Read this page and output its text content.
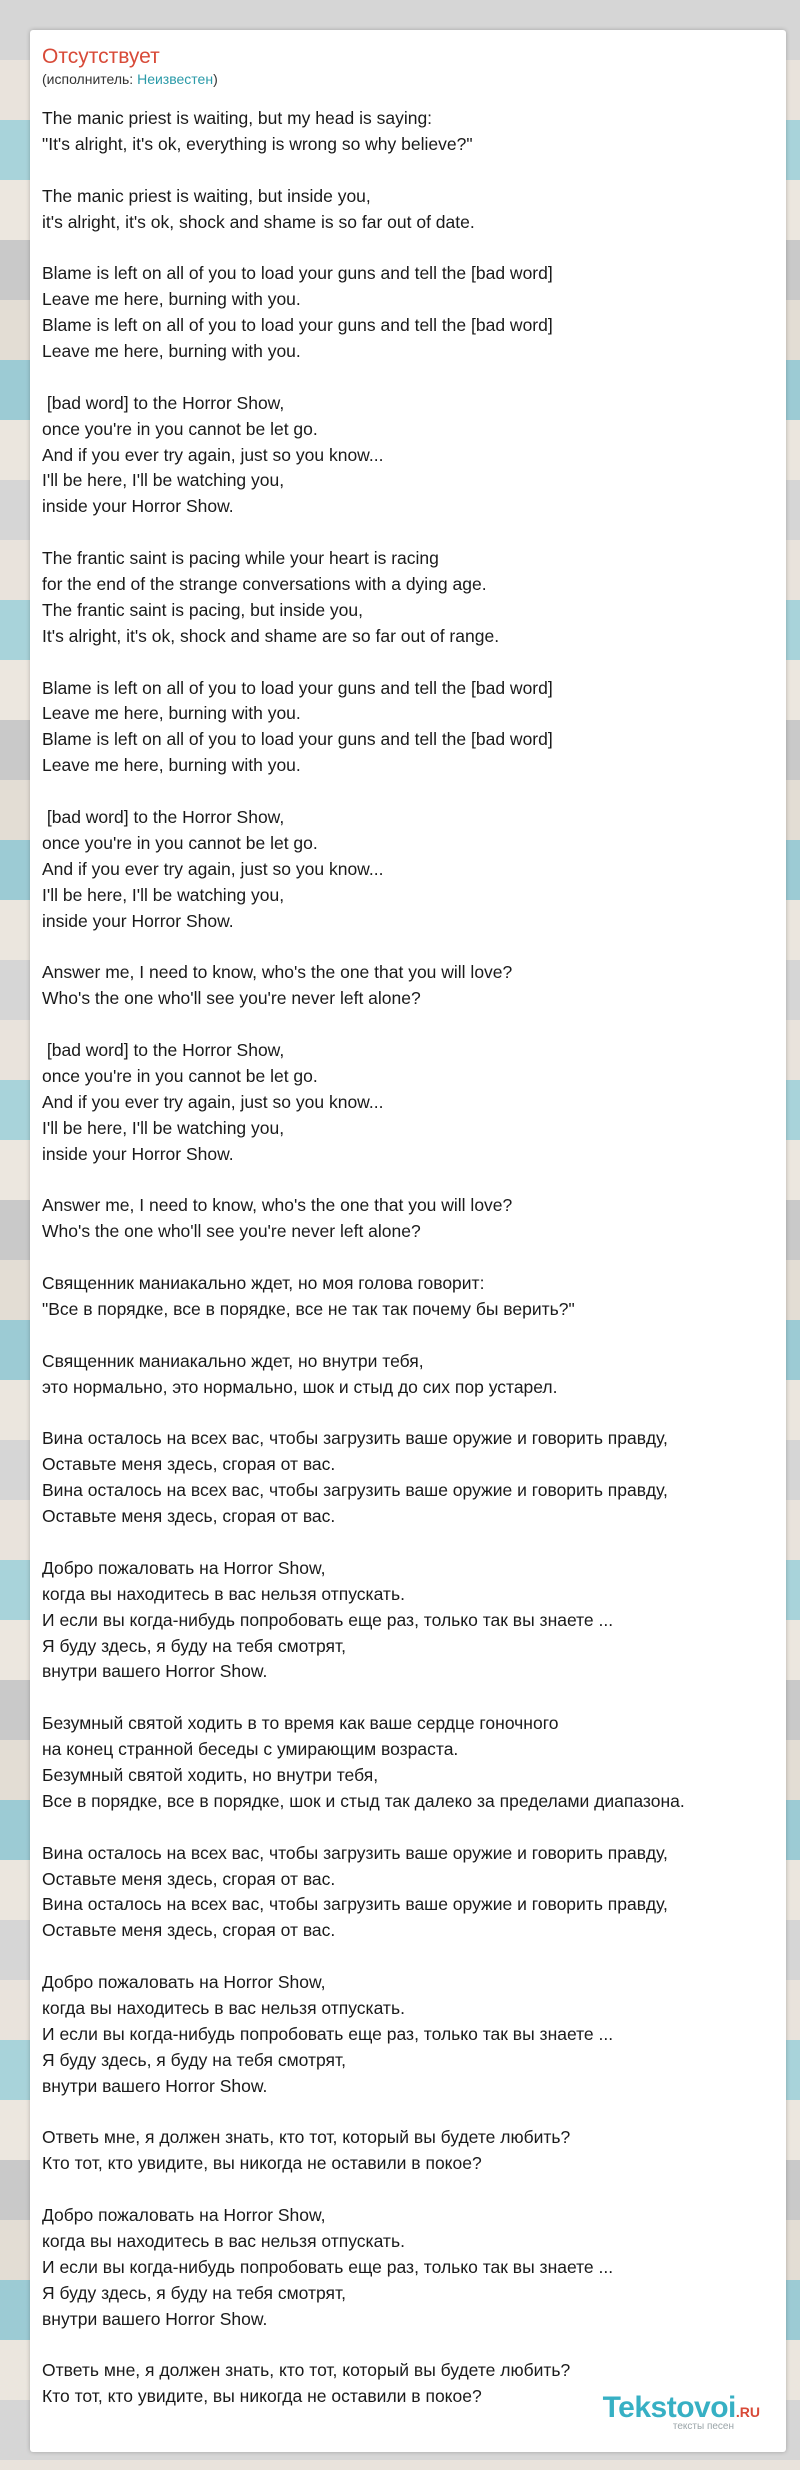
Отсутствует
(исполнитель: Неизвестен)
The manic priest is waiting, but my head is saying:
"It's alright, it's ok, everything is wrong so why believe?"
The manic priest is waiting, but inside you,
it's alright, it's ok, shock and shame is so far out of date.
Blame is left on all of you to load your guns and tell the [bad word]
Leave me here, burning with you.
Blame is left on all of you to load your guns and tell the [bad word]
Leave me here, burning with you.
[bad word] to the Horror Show,
once you're in you cannot be let go.
And if you ever try again, just so you know...
I'll be here, I'll be watching you,
inside your Horror Show.
The frantic saint is pacing while your heart is racing
for the end of the strange conversations with a dying age.
The frantic saint is pacing, but inside you,
It's alright, it's ok, shock and shame are so far out of range.
Blame is left on all of you to load your guns and tell the [bad word]
Leave me here, burning with you.
Blame is left on all of you to load your guns and tell the [bad word]
Leave me here, burning with you.
[bad word] to the Horror Show,
once you're in you cannot be let go.
And if you ever try again, just so you know...
I'll be here, I'll be watching you,
inside your Horror Show.
Answer me, I need to know, who's the one that you will love?
Who's the one who'll see you're never left alone?
[bad word] to the Horror Show,
once you're in you cannot be let go.
And if you ever try again, just so you know...
I'll be here, I'll be watching you,
inside your Horror Show.
Answer me, I need to know, who's the one that you will love?
Who's the one who'll see you're never left alone?
Священник маниакально ждет, но моя голова говорит:
"Все в порядке, все в порядке, все не так так почему бы верить?"
Священник маниакально ждет, но внутри тебя,
это нормально, это нормально, шок и стыд до сих пор устарел.
Вина осталось на всех вас, чтобы загрузить ваше оружие и говорить правду,
Оставьте меня здесь, сгорая от вас.
Вина осталось на всех вас, чтобы загрузить ваше оружие и говорить правду,
Оставьте меня здесь, сгорая от вас.
Добро пожаловать на Horror Show,
когда вы находитесь в вас нельзя отпускать.
И если вы когда-нибудь попробовать еще раз, только так вы знаете ...
Я буду здесь, я буду на тебя смотрят,
внутри вашего Horror Show.
Безумный святой ходить в то время как ваше сердце гоночного
на конец странной беседы с умирающим возраста.
Безумный святой ходить, но внутри тебя,
Все в порядке, все в порядке, шок и стыд так далеко за пределами диапазона.
Вина осталось на всех вас, чтобы загрузить ваше оружие и говорить правду,
Оставьте меня здесь, сгорая от вас.
Вина осталось на всех вас, чтобы загрузить ваше оружие и говорить правду,
Оставьте меня здесь, сгорая от вас.
Добро пожаловать на Horror Show,
когда вы находитесь в вас нельзя отпускать.
И если вы когда-нибудь попробовать еще раз, только так вы знаете ...
Я буду здесь, я буду на тебя смотрят,
внутри вашего Horror Show.
Ответь мне, я должен знать, кто тот, который вы будете любить?
Кто тот, кто увидите, вы никогда не оставили в покое?
Добро пожаловать на Horror Show,
когда вы находитесь в вас нельзя отпускать.
И если вы когда-нибудь попробовать еще раз, только так вы знаете ...
Я буду здесь, я буду на тебя смотрят,
внутри вашего Horror Show.
Ответь мне, я должен знать, кто тот, который вы будете любить?
Кто тот, кто увидите, вы никогда не оставили в покое?	Tekstovoi.RU
тексты песен
